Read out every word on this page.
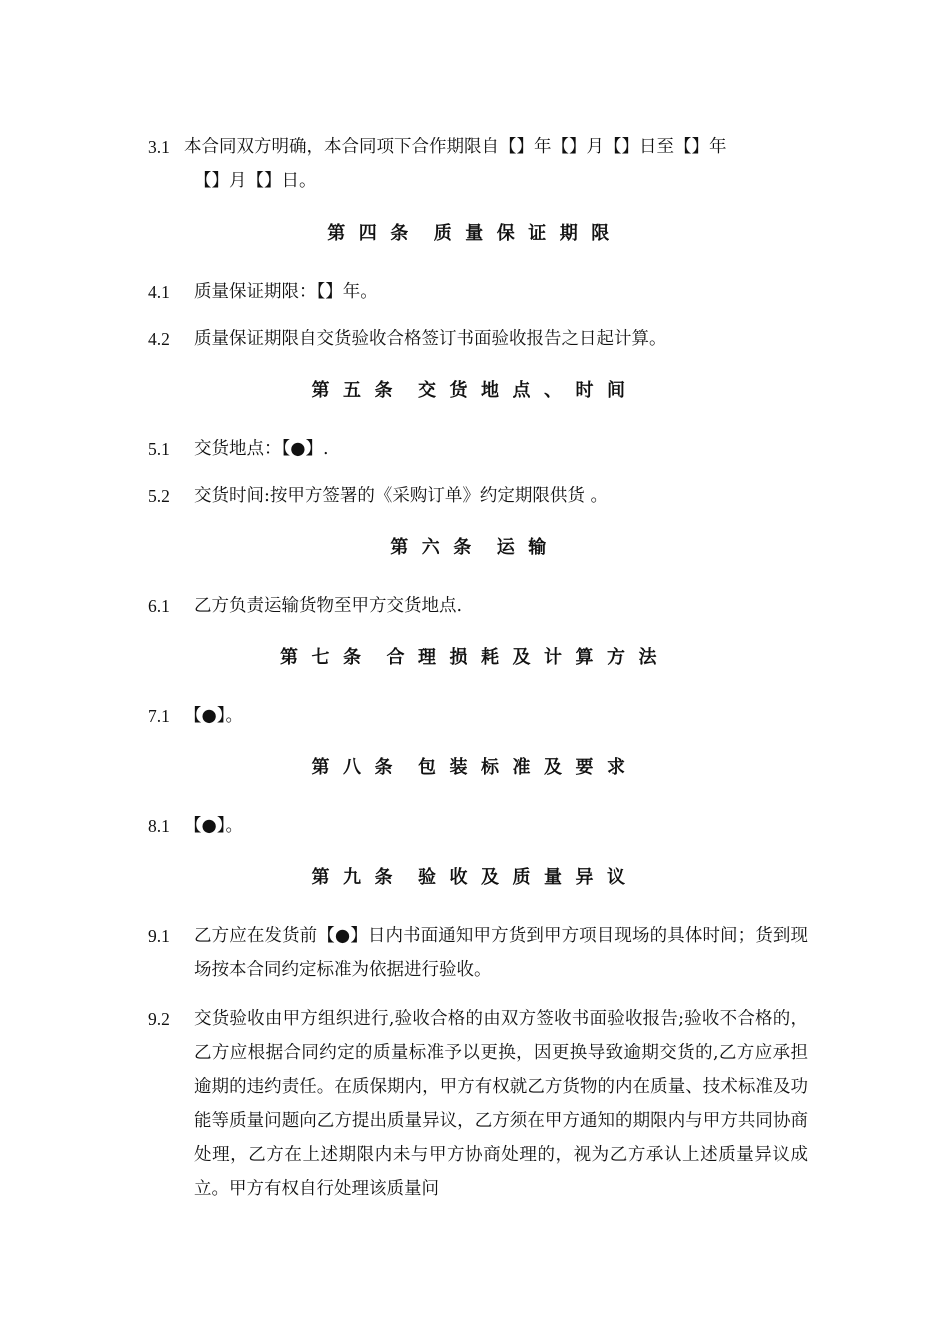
3.1 本合同双方明确，本合同项下合作期限自【】年【】月【】日至【】年
【】月【】日。
第四条 质量保证期限
4.1	质量保证期限：【】年。
4.2	质量保证期限自交货验收合格签订书面验收报告之日起计算。
第五条 交货地点、时间
5.1	交货地点：【●】.
5.2	交货时间:按甲方签署的《采购订单》约定期限供货 。
第六条 运输
6.1	乙方负责运输货物至甲方交货地点.
第七条 合理损耗及计算方法
7.1 【●】。
第八条 包装标准及要求
8.1 【●】。
第九条 验收及质量异议
9.1	乙方应在发货前【●】日内书面通知甲方货到甲方项目现场的具体时间；货到现场按本合同约定标准为依据进行验收。
9.2	交货验收由甲方组织进行,验收合格的由双方签收书面验收报告;验收不合格的，乙方应根据合同约定的质量标准予以更换，因更换导致逾期交货的,乙方应承担逾期的违约责任。在质保期内，甲方有权就乙方货物的内在质量、技术标准及功能等质量问题向乙方提出质量异议，乙方须在甲方通知的期限内与甲方共同协商处理，乙方在上述期限内未与甲方协商处理的，视为乙方承认上述质量异议成立。甲方有权自行处理该质量问
